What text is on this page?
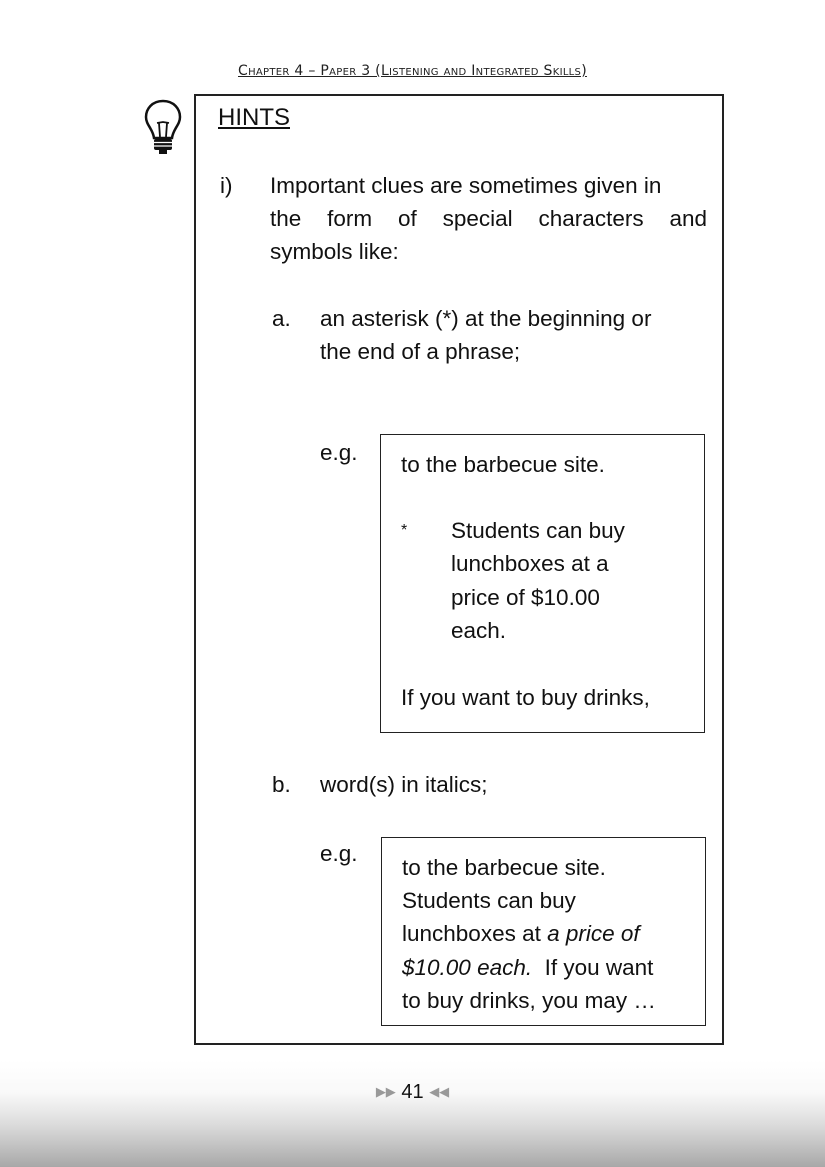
Chapter 4 – Paper 3 (Listening and Integrated Skills)
HINTS
i) Important clues are sometimes given in
the form of special characters and
symbols like:
a. an asterisk (*) at the beginning or
the end of a phrase;
e.g. to the barbecue site.
* Students can buy
lunchboxes at a
price of $10.00
each.
If you want to buy drinks,
b. word(s) in italics;
e.g.
to the barbecue site.
Students can buy
lunchboxes at a price of
$10.00 each.  If you want
to buy drinks, you may …
▶▶ 41 ◀◀
